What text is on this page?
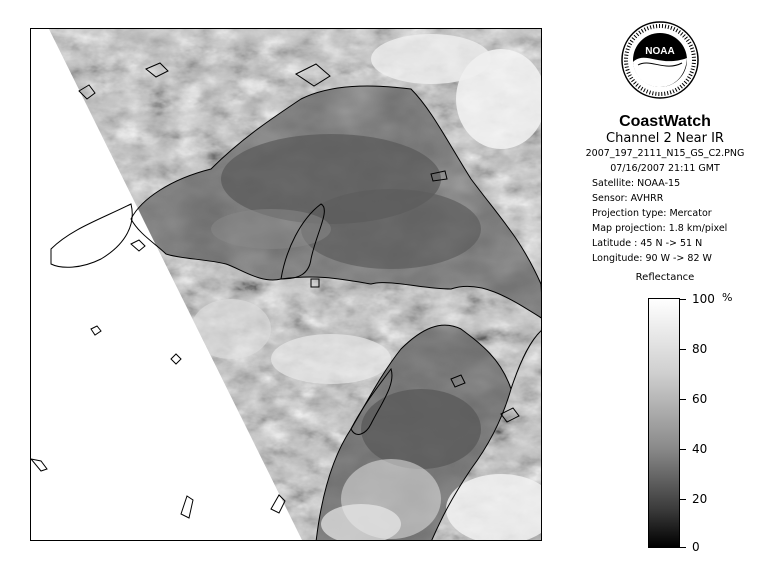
NOAA
CoastWatch
Channel 2 Near IR
2007_197_2111_N15_GS_C2.PNG
07/16/2007 21:11 GMT
Satellite: NOAA-15
Sensor: AVHRR
Projection type: Mercator
Map projection: 1.8 km/pixel
Latitude : 45 N -> 51 N
Longitude: 90 W -> 82 W
Reflectance
%
100
80
60
40
20
0
